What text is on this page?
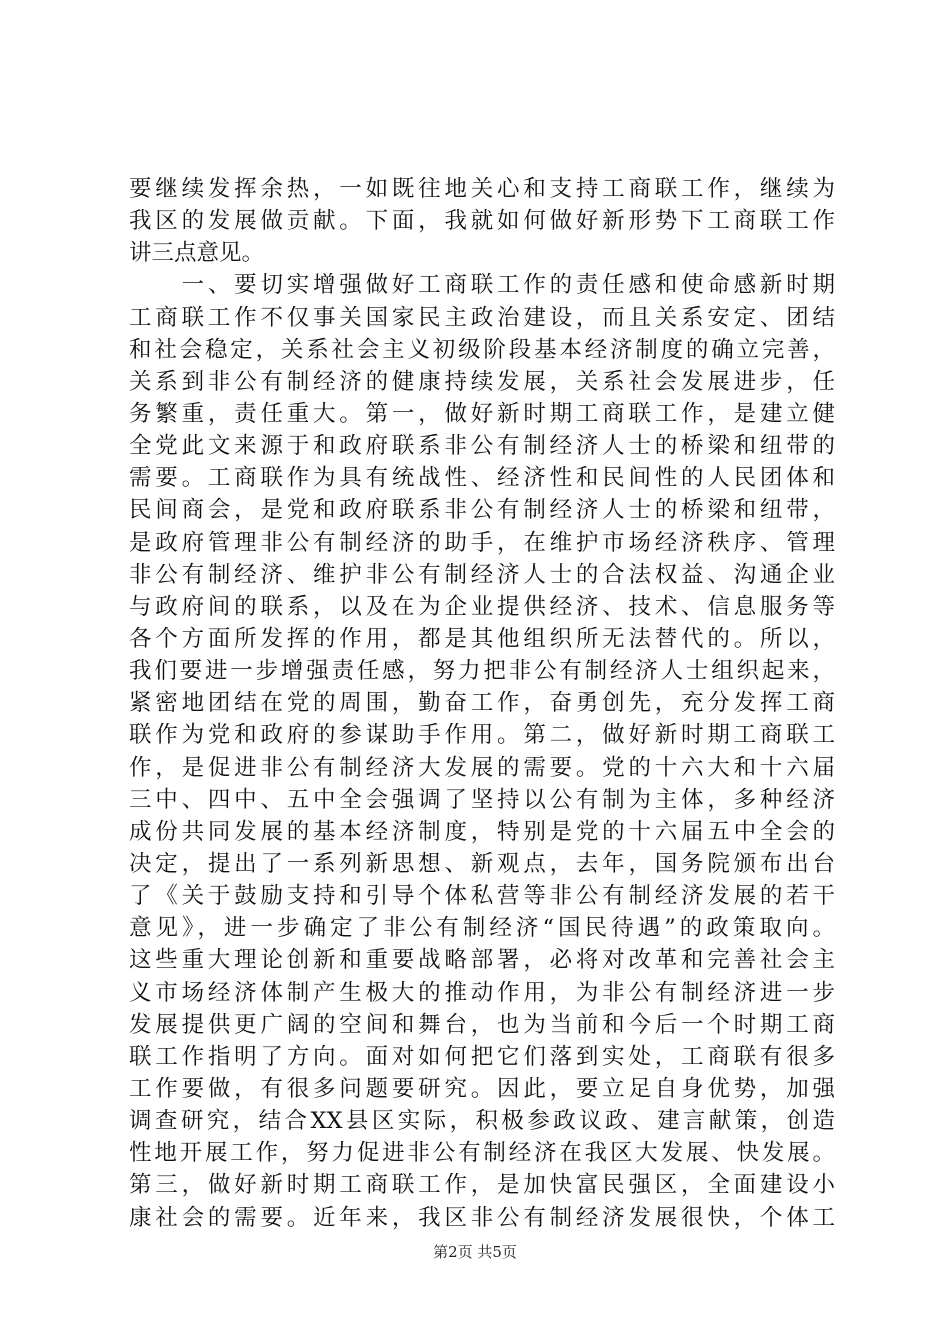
要继续发挥余热，一如既往地关心和支持工商联工作，继续为
我区的发展做贡献。下面，我就如何做好新形势下工商联工作
讲三点意见。
　　一、要切实增强做好工商联工作的责任感和使命感新时期
工商联工作不仅事关国家民主政治建设，而且关系安定、团结
和社会稳定，关系社会主义初级阶段基本经济制度的确立完善，
关系到非公有制经济的健康持续发展，关系社会发展进步，任
务繁重，责任重大。第一，做好新时期工商联工作，是建立健
全党此文来源于和政府联系非公有制经济人士的桥梁和纽带的
需要。工商联作为具有统战性、经济性和民间性的人民团体和
民间商会，是党和政府联系非公有制经济人士的桥梁和纽带，
是政府管理非公有制经济的助手，在维护市场经济秩序、管理
非公有制经济、维护非公有制经济人士的合法权益、沟通企业
与政府间的联系，以及在为企业提供经济、技术、信息服务等
各个方面所发挥的作用，都是其他组织所无法替代的。所以，
我们要进一步增强责任感，努力把非公有制经济人士组织起来，
紧密地团结在党的周围，勤奋工作，奋勇创先，充分发挥工商
联作为党和政府的参谋助手作用。第二，做好新时期工商联工
作，是促进非公有制经济大发展的需要。党的十六大和十六届
三中、四中、五中全会强调了坚持以公有制为主体，多种经济
成份共同发展的基本经济制度，特别是党的十六届五中全会的
决定，提出了一系列新思想、新观点，去年，国务院颁布出台
了《关于鼓励支持和引导个体私营等非公有制经济发展的若干
意见》，进一步确定了非公有制经济“国民待遇”的政策取向。
这些重大理论创新和重要战略部署，必将对改革和完善社会主
义市场经济体制产生极大的推动作用，为非公有制经济进一步
发展提供更广阔的空间和舞台，也为当前和今后一个时期工商
联工作指明了方向。面对如何把它们落到实处，工商联有很多
工作要做，有很多问题要研究。因此，要立足自身优势，加强
调查研究，结合XX县区实际，积极参政议政、建言献策，创造
性地开展工作，努力促进非公有制经济在我区大发展、快发展。
第三，做好新时期工商联工作，是加快富民强区，全面建设小
康社会的需要。近年来，我区非公有制经济发展很快，个体工
第2页 共5页
